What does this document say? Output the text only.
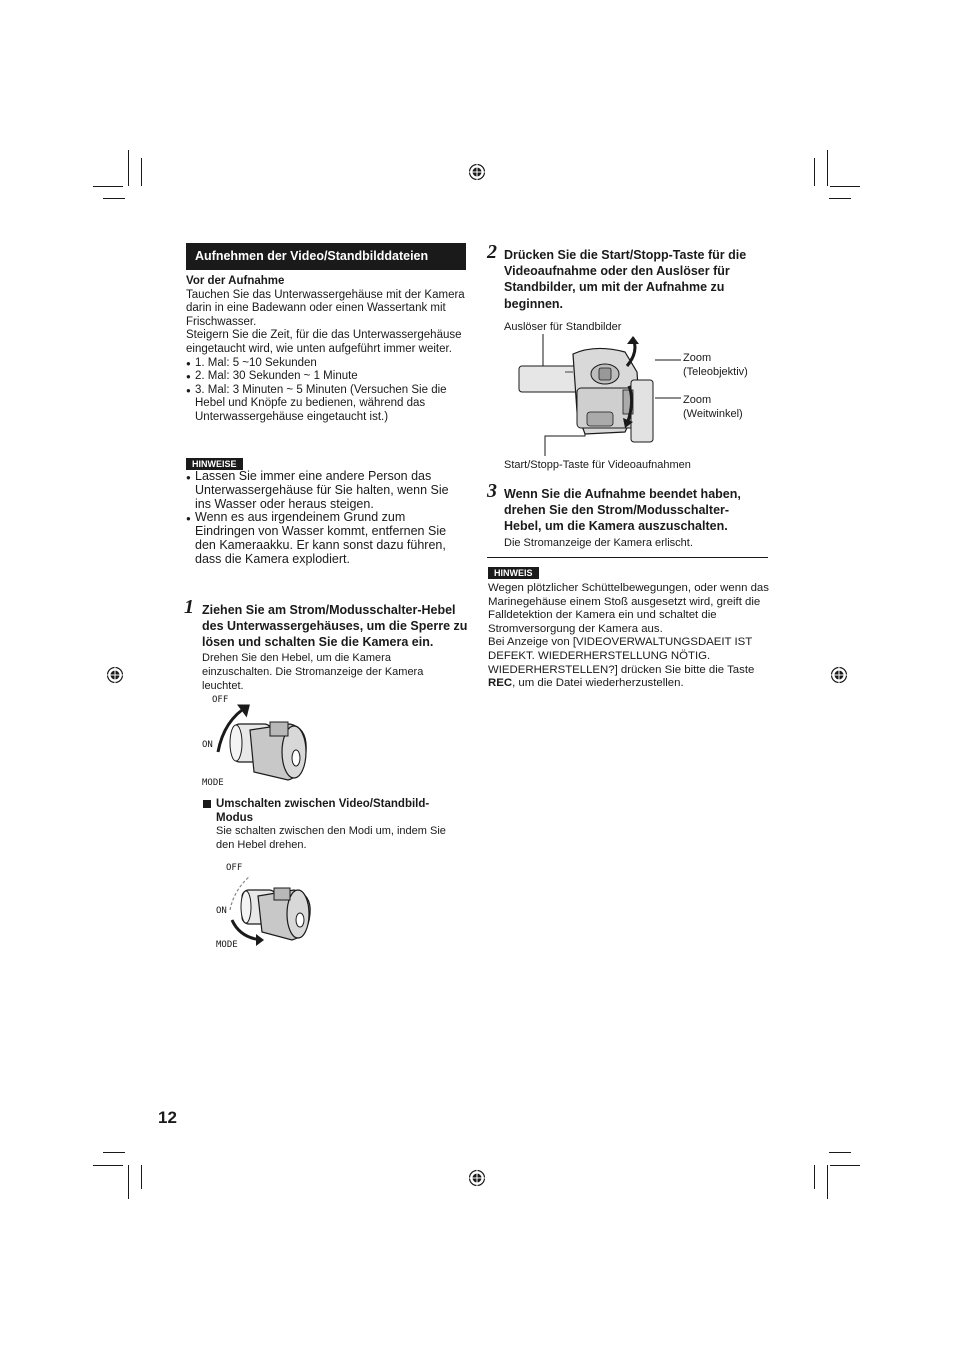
Aufnehmen der Video/Standbilddateien
Vor der Aufnahme
Tauchen Sie das Unterwassergehäuse mit der Kamera darin in eine Badewann oder einen Wassertank mit Frischwasser.
Steigern Sie die Zeit, für die das Unterwassergehäuse eingetaucht wird, wie unten aufgeführt immer weiter.
● 1. Mal: 5 ~10 Sekunden
● 2. Mal: 30 Sekunden ~ 1 Minute
● 3. Mal: 3 Minuten ~ 5 Minuten (Versuchen Sie die Hebel und Knöpfe zu bedienen, während das Unterwassergehäuse eingetaucht ist.)
HINWEISE
● Lassen Sie immer eine andere Person das Unterwassergehäuse für Sie halten, wenn Sie ins Wasser oder heraus steigen.
● Wenn es aus irgendeinem Grund zum Eindringen von Wasser kommt, entfernen Sie den Kameraakku. Er kann sonst dazu führen, dass die Kamera explodiert.
1 Ziehen Sie am Strom/Modusschalter-Hebel des Unterwassergehäuses, um die Sperre zu lösen und schalten Sie die Kamera ein.
Drehen Sie den Hebel, um die Kamera einzuschalten. Die Stromanzeige der Kamera leuchtet.
OFF
ON
MODE
Umschalten zwischen Video/Standbild-Modus
Sie schalten zwischen den Modi um, indem Sie den Hebel drehen.
OFF
ON
MODE
12
2 Drücken Sie die Start/Stopp-Taste für die Videoaufnahme oder den Auslöser für Standbilder, um mit der Aufnahme zu beginnen.
Auslöser für Standbilder
Zoom
(Teleobjektiv)
Zoom
(Weitwinkel)
Start/Stopp-Taste für Videoaufnahmen
3 Wenn Sie die Aufnahme beendet haben, drehen Sie den Strom/Modusschalter-Hebel, um die Kamera auszuschalten.
Die Stromanzeige der Kamera erlischt.
HINWEIS
Wegen plötzlicher Schüttelbewegungen, oder wenn das Marinegehäuse einem Stoß ausgesetzt wird, greift die Falldetektion der Kamera ein und schaltet die Stromversorgung der Kamera aus.
Bei Anzeige von [VIDEOVERWALTUNGSDAEIT IST DEFEKT. WIEDERHERSTELLUNG NÖTIG. WIEDERHERSTELLEN?] drücken Sie bitte die Taste REC, um die Datei wiederherzustellen.
